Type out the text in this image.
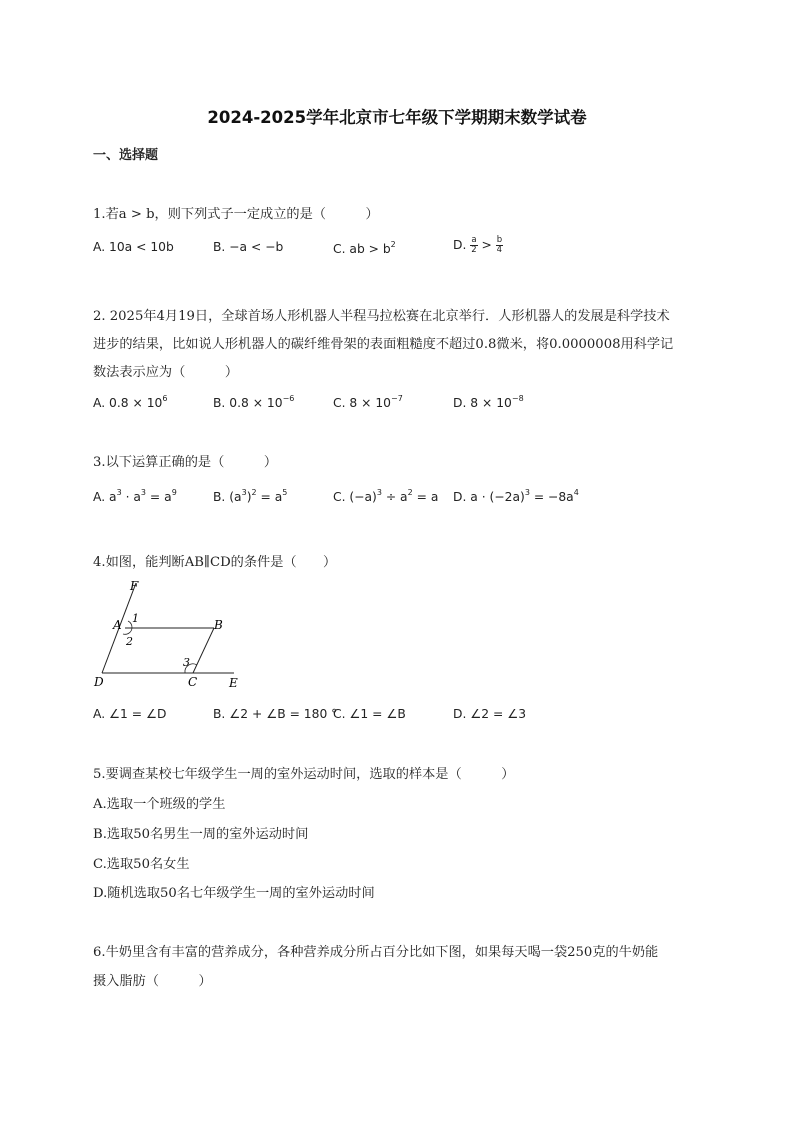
2024-2025学年北京市七年级下学期期末数学试卷
一、选择题
1.若a > b，则下列式子一定成立的是（　　　）
A. 10a < 10b	B. −a < −b	C. ab > $b^2$	D. $\frac{a}{2} > \frac{b}{4}$
2. 2025年4月19日，全球首场人形机器人半程马拉松赛在北京举行．人形机器人的发展是科学技术
进步的结果，比如说人形机器人的碳纤维骨架的表面粗糙度不超过0.8微米，将0.0000008用科学记
数法表示应为（　　　）
A. $0.8 \times 10^6$	B. $0.8 \times 10^{-6}$	C. $8 \times 10^{-7}$	D. $8 \times 10^{-8}$
3.以下运算正确的是（　　　）
A. $a^3 \cdot a^3 = a^9$	B. $(a^3)^2 = a^5$	C. $(-a)^3 \div a^2 = a$ D. $a \cdot (-2a)^3 = -8a^4$
4.如图，能判断AB∥CD的条件是（　　）
F
A	B
D	C	E
1
2
3
A. ∠1 = ∠D	B. ∠2 + ∠B = 180 °
C. ∠1 = ∠B	D. ∠2 = ∠3
5.要调查某校七年级学生一周的室外运动时间，选取的样本是（　　　）
A.选取一个班级的学生
B.选取50名男生一周的室外运动时间
C.选取50名女生
D.随机选取50名七年级学生一周的室外运动时间
6.牛奶里含有丰富的营养成分，各种营养成分所占百分比如下图，如果每天喝一袋250克的牛奶能
摄入脂肪（　　　）
